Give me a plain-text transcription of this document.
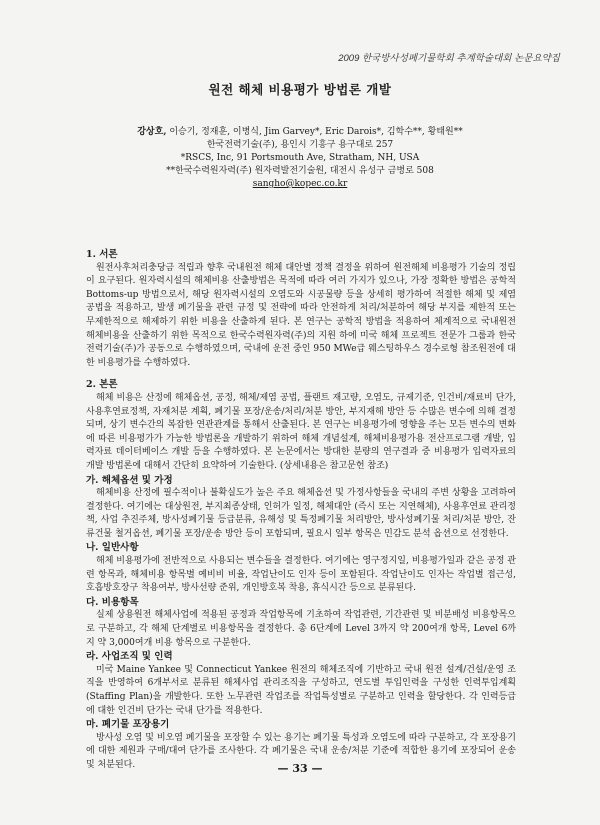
2009 한국방사성폐기물학회 추계학술대회 논문요약집
원전 해체 비용평가 방법론 개발
강상호, 이승기, 정재훈, 이병식, Jim Garvey*, Eric Darois*, 김학수**, 황태원**
한국전력기술(주), 용인시 기흥구 용구대로 257
*RSCS, Inc, 91 Portsmouth Ave, Stratham, NH, USA
**한국수력원자력(주) 원자력발전기술원, 대전시 유성구 금병로 508
sangho@kopec.co.kr
1. 서론

원전사후처리충당금 적립과 향후 국내원전 해체 대안별 정책 결정을 위하여 원전해체 비용평가 기술의 정립이 요구된다. 원자력시설의 해체비용 산출방법은 목적에 따라 여러 가지가 있으나, 가장 정확한 방법은 공학적 Bottoms-up 방법으로서, 해당 원자력시설의 오염도와 시공물량 등을 상세히 평가하여 적절한 해체 및 제염 공법을 적용하고, 발생 폐기물을 관련 규정 및 전략에 따라 안전하게 처리/처분하여 해당 부지를 제한적 또는 무제한적으로 해제하기 위한 비용을 산출하게 된다. 본 연구는 공학적 방법을 적용하여 체계적으로 국내원전 해체비용을 산출하기 위한 목적으로 한국수력원자력(주)의 지원 하에 미국 해체 프로젝트 전문가 그룹과 한국전력기술(주)가 공동으로 수행하였으며, 국내에 운전 중인 950 MWe급 웨스팅하우스 경수로형 참조원전에 대한 비용평가를 수행하였다.

2. 본론

해체 비용은 산정에 해체옵션, 공정, 해체/제염 공법, 플랜트 재고량, 오염도, 규제기준, 인건비/재료비 단가, 사용후연료정책, 자재처분 계획, 폐기물 포장/운송/처리/처분 방안, 부지재해 방안 등 수많은 변수에 의해 결정되며, 상기 변수간의 복잡한 연관관계를 통해서 산출된다. 본 연구는 비용평가에 영향을 주는 모든 변수의 변화에 따른 비용평가가 가능한 방법론을 개발하기 위하여 해체 개념설계, 해체비용평가용 전산프로그램 개발, 입력자료 데이터베이스 개발 등을 수행하였다. 본 논문에서는 방대한 분량의 연구결과 중 비용평가 입력자료의 개발 방법론에 대해서 간단히 요약하여 기술한다. (상세내용은 참고문헌 참조)

가. 해체옵션 및 가정

해체비용 산정에 필수적이나 불확실도가 높은 주요 해체옵션 및 가정사항들을 국내의 주변 상황을 고려하여 결정한다. 여기에는 대상원전, 부지최종상태, 인허가 일정, 해체대안 (즉시 또는 지연해체), 사용후연료 관리정책, 사업 추진주체, 방사성폐기물 등급분류, 유해성 및 특정폐기물 처리방안, 방사성폐기물 처리/처분 방안, 잔류건물 철거옵션, 폐기물 포장/운송 방안 등이 포함되며, 필요시 일부 항목은 민감도 분석 옵션으로 선정한다.

나. 일반사항

해체 비용평가에 전반적으로 사용되는 변수들을 결정한다. 여기에는 영구정지일, 비용평가일과 같은 공정 관련 항목과, 해체비용 항목별 예비비 비율, 작업난이도 인자 등이 포함된다. 작업난이도 인자는 작업별 접근성, 호흡방호장구 착용여부, 방사선량 준위, 개인방호복 착용, 휴식시간 등으로 분류된다.

다. 비용항목

실제 상용원전 해체사업에 적용된 공정과 작업항목에 기초하여 작업관련, 기간관련 및 비분배성 비용항목으로 구분하고, 각 해체 단계별로 비용항목을 결정한다. 총 6단계에 Level 3까지 약 200여개 항목, Level 6까지 약 3,000여개 비용 항목으로 구분한다.

라. 사업조직 및 인력

미국 Maine Yankee 및 Connecticut Yankee 원전의 해체조직에 기반하고 국내 원전 설계/건설/운영 조직을 반영하여 6개부서로 분류된 해체사업 관리조직을 구성하고, 연도별 투입인력을 구성한 인력투입계획(Staffing Plan)을 개발한다. 또한 노무관련 작업조를 작업특성별로 구분하고 인력을 할당한다. 각 인력등급에 대한 인건비 단가는 국내 단가를 적용한다.

마. 폐기물 포장용기

방사성 오염 및 비오염 폐기물을 포장할 수 있는 용기는 폐기물 특성과 오염도에 따라 구분하고, 각 포장용기에 대한 제원과 구매/대여 단가를 조사한다. 각 폐기물은 국내 운송/처분 기준에 적합한 용기에 포장되어 운송 및 처분된다.	— 33 —
